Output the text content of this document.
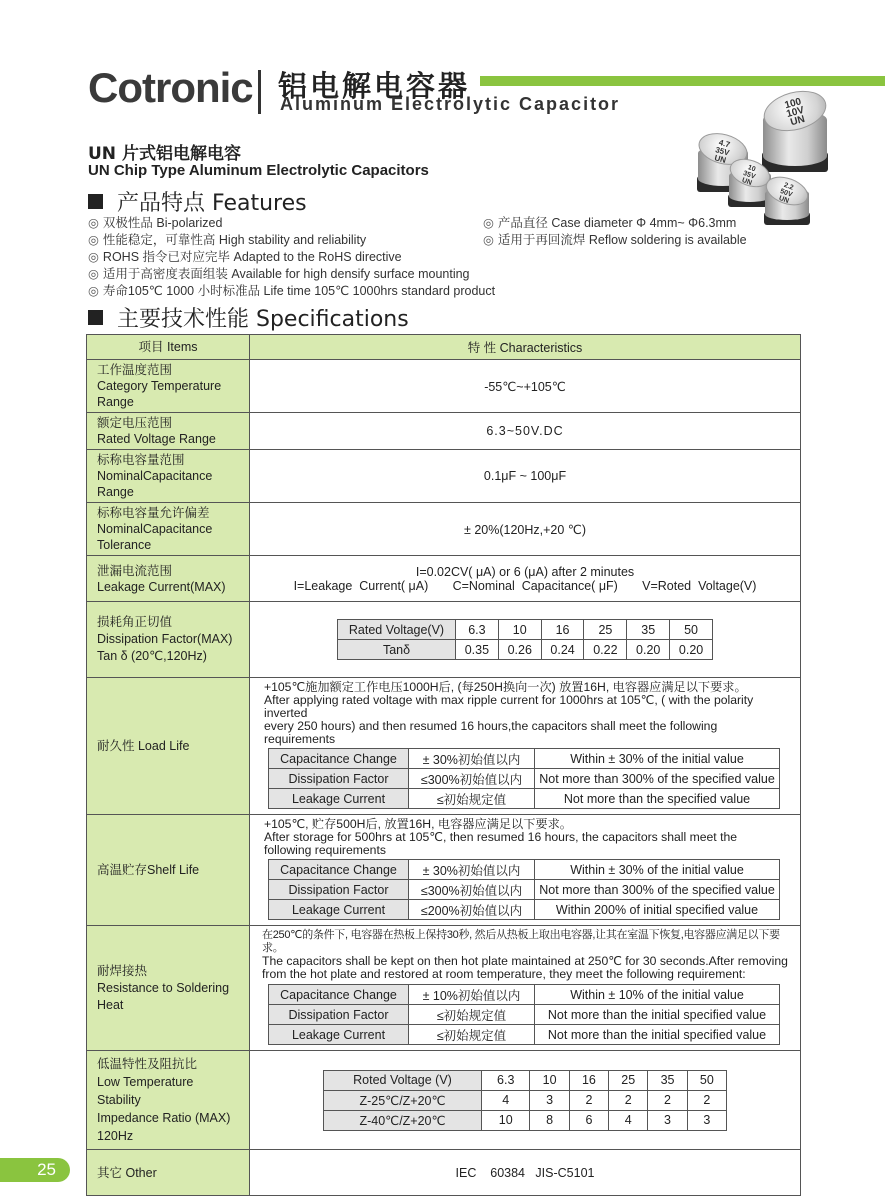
Cotronic 铝电解电容器
Aluminum Electrolytic Capacitor
UN 片式铝电解电容
UN Chip Type Aluminum Electrolytic Capacitors
4.7
35V
UN
100
10V
UN
10
35V
UN	2.2
50V
UN
产品特点 Features
◎ 双极性品 Bi-polarized
◎ 性能稳定，可靠性高 High stability and reliability
◎ ROHS 指令已对应完毕 Adapted to the RoHS directive
◎ 适用于高密度表面组装 Available for high densify surface mounting
◎ 寿命105℃ 1000 小时标准品 Life time 105℃ 1000hrs standard product
◎ 产品直径 Case diameter Φ 4mm~ Φ6.3mm
◎ 适用于再回流焊 Reflow soldering is available
主要技术性能 Specifications
项目 Items	特 性 Characteristics

工作温度范围
Category Temperature
Range
	-55℃~+105℃

额定电压范围
Rated Voltage Range
	6.3~50V.DC

标称电容量范围
NominalCapacitance
Range
	0.1μF ~ 100μF

标称电容量允许偏差
NominalCapacitance
Tolerance
	± 20%(120Hz,+20 ℃)

泄漏电流范围
Leakage Current(MAX)

I=0.02CV( μA) or 6 (μA) after 2 minutes
I=Leakage  Current( μA)       C=Nominal  Capacitance( μF)       V=Roted  Voltage(V)

损耗角正切值
Dissipation Factor(MAX)
Tan δ (20℃,120Hz)

Rated Voltage(V)	6.3	10	16	25	35	50
Tanδ	0.35	0.26	0.24	0.22	0.20	0.20

耐久性 Load Life	
+105℃施加额定工作电压1000H后, (每250H换向一次) 放置16H, 电容器应满足以下要求。
After applying rated voltage with max ripple current for 1000hrs at 105℃, ( with the polarity inverted
every 250 hours) and then resumed 16 hours,the capacitors shall meet the following requirements
Capacitance Change	± 30%初始值以内	Within ± 30% of the initial value
Dissipation Factor	≤300%初始值以内	Not more than 300% of the specified value
Leakage Current	≤初始规定值	Not more than the specified value

高温贮存Shelf Life	
+105℃, 贮存500H后, 放置16H, 电容器应满足以下要求。
After storage for 500hrs at 105℃, then resumed 16 hours, the capacitors shall meet the
following requirements
Capacitance Change	± 30%初始值以内	Within ± 30% of the initial value
Dissipation Factor	≤300%初始值以内	Not more than 300% of the specified value
Leakage Current	≤200%初始值以内	Within 200% of initial specified value

耐焊接热
Resistance to Soldering
Heat

在250℃的条件下, 电容器在热板上保持30秒, 然后从热板上取出电容器,让其在室温下恢复,电容器应满足以下要求。
The capacitors shall be kept on then hot plate maintained at 250℃ for 30 seconds.After removing
from the hot plate and restored at room temperature, they meet the following requirement:
Capacitance Change	± 10%初始值以内	Within ± 10% of the initial value
Dissipation Factor	≤初始规定值	Not more than the initial specified value
Leakage Current	≤初始规定值	Not more than the initial specified value

低温特性及阻抗比
Low Temperature Stability
Impedance Ratio (MAX)
120Hz

Roted Voltage (V)	6.3	10	16	25	35	50
Z-25℃/Z+20℃	4	3	2	2	2	2
Z-40℃/Z+20℃	10	8	6	4	3	3

其它 Other	IEC    60384   JIS-C5101
25
